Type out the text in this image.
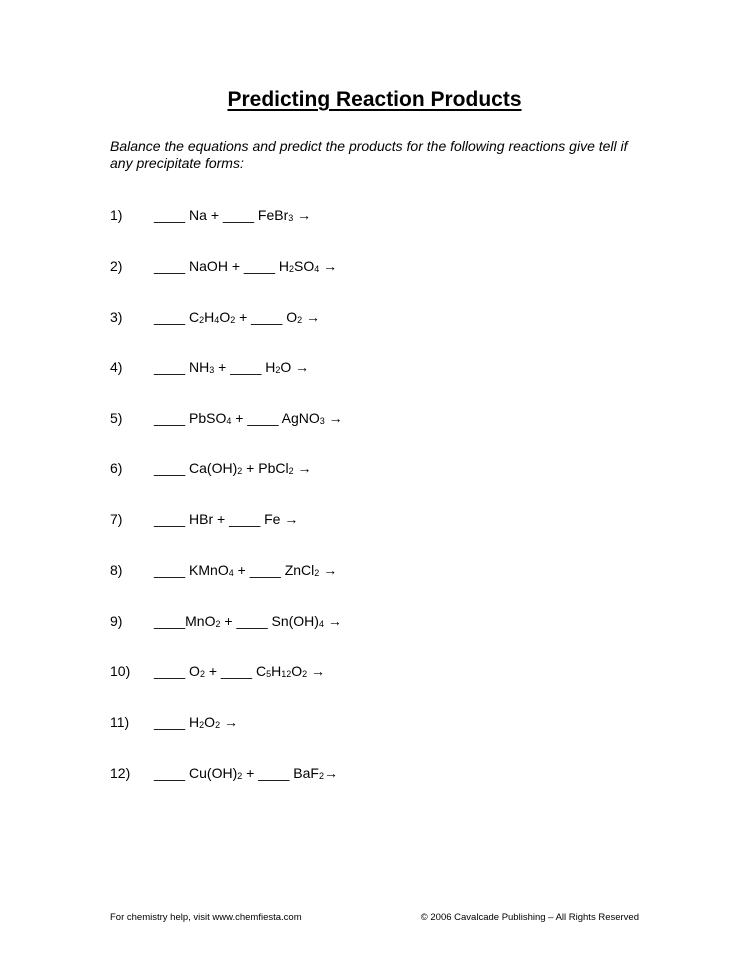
Predicting Reaction Products
Balance the equations and predict the products for the following reactions give tell if any precipitate forms:
1)	____ Na + ____ FeBr$_3$ →
2)	____ NaOH + ____ $H_2SO_4$ →
3)	____ $C_2H_4O_2$ + ____ $O_2$ →
4)	____ $NH_3$ + ____ $H_2O$ →
5)	____ PbSO$_4$ + ____ AgNO$_3$ →
6)	____ $Ca(OH)_2$ + PbCl$_2$ →
7)	____ HBr + ____ Fe →
8)	____ KMnO$_4$ + ____ ZnCl$_2$ →
9)	____MnO$_2$ + ____ $Sn(OH)_4$ →
10)	____ $O_2$ + ____ $C_5H_{12}O_2$ →
11)	____ $H_2O_2$ →
12)	____ $Cu(OH)_2$ + ____ BaF$_2$→
For chemistry help, visit www.chemfiesta.com	© 2006 Cavalcade Publishing – All Rights Reserved
